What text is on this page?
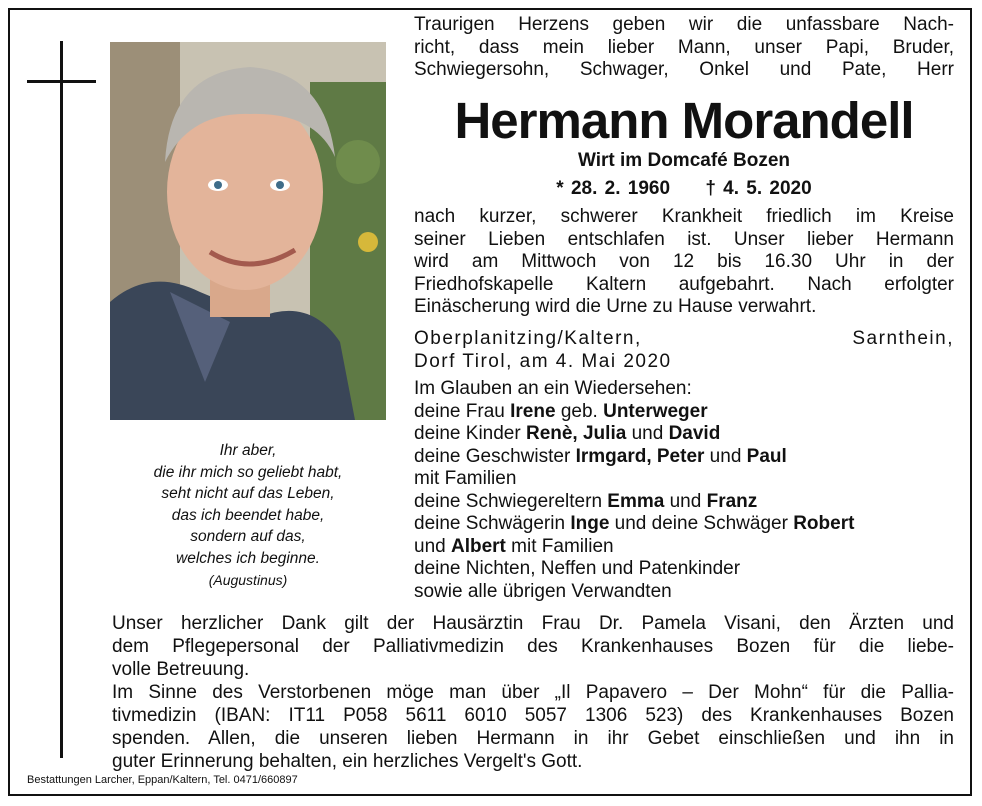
Ihr aber,
die ihr mich so geliebt habt,
seht nicht auf das Leben,
das ich beendet habe,
sondern auf das,
welches ich beginne.
(Augustinus)
Traurigen Herzens geben wir die unfassbare Nach-
richt, dass mein lieber Mann, unser Papi, Bruder,
Schwiegersohn, Schwager, Onkel und Pate, Herr
Hermann Morandell
Wirt im Domcafé Bozen
* 28. 2. 1960 † 4. 5. 2020
nach kurzer, schwerer Krankheit friedlich im Kreise
seiner Lieben entschlafen ist. Unser lieber Hermann
wird am Mittwoch von 12 bis 16.30 Uhr in der
Friedhofskapelle Kaltern aufgebahrt. Nach erfolgter
Einäscherung wird die Urne zu Hause verwahrt.
Oberplanitzing/Kaltern, Sarnthein,
Dorf Tirol, am 4. Mai 2020
Im Glauben an ein Wiedersehen:
deine Frau Irene geb. Unterweger
deine Kinder Renè, Julia und David
deine Geschwister Irmgard, Peter und Paul
mit Familien
deine Schwiegereltern Emma und Franz
deine Schwägerin Inge und deine Schwäger Robert
und Albert mit Familien
deine Nichten, Neffen und Patenkinder
sowie alle übrigen Verwandten
Unser herzlicher Dank gilt der Hausärztin Frau Dr. Pamela Visani, den Ärzten und
dem Pflegepersonal der Palliativmedizin des Krankenhauses Bozen für die liebe-
volle Betreuung.
Im Sinne des Verstorbenen möge man über „Il Papavero – Der Mohn“ für die Pallia-
tivmedizin (IBAN: IT11 P058 5611 6010 5057 1306 523) des Krankenhauses Bozen
spenden. Allen, die unseren lieben Hermann in ihr Gebet einschließen und ihn in
guter Erinnerung behalten, ein herzliches Vergelt's Gott.
Bestattungen Larcher, Eppan/Kaltern, Tel. 0471/660897
